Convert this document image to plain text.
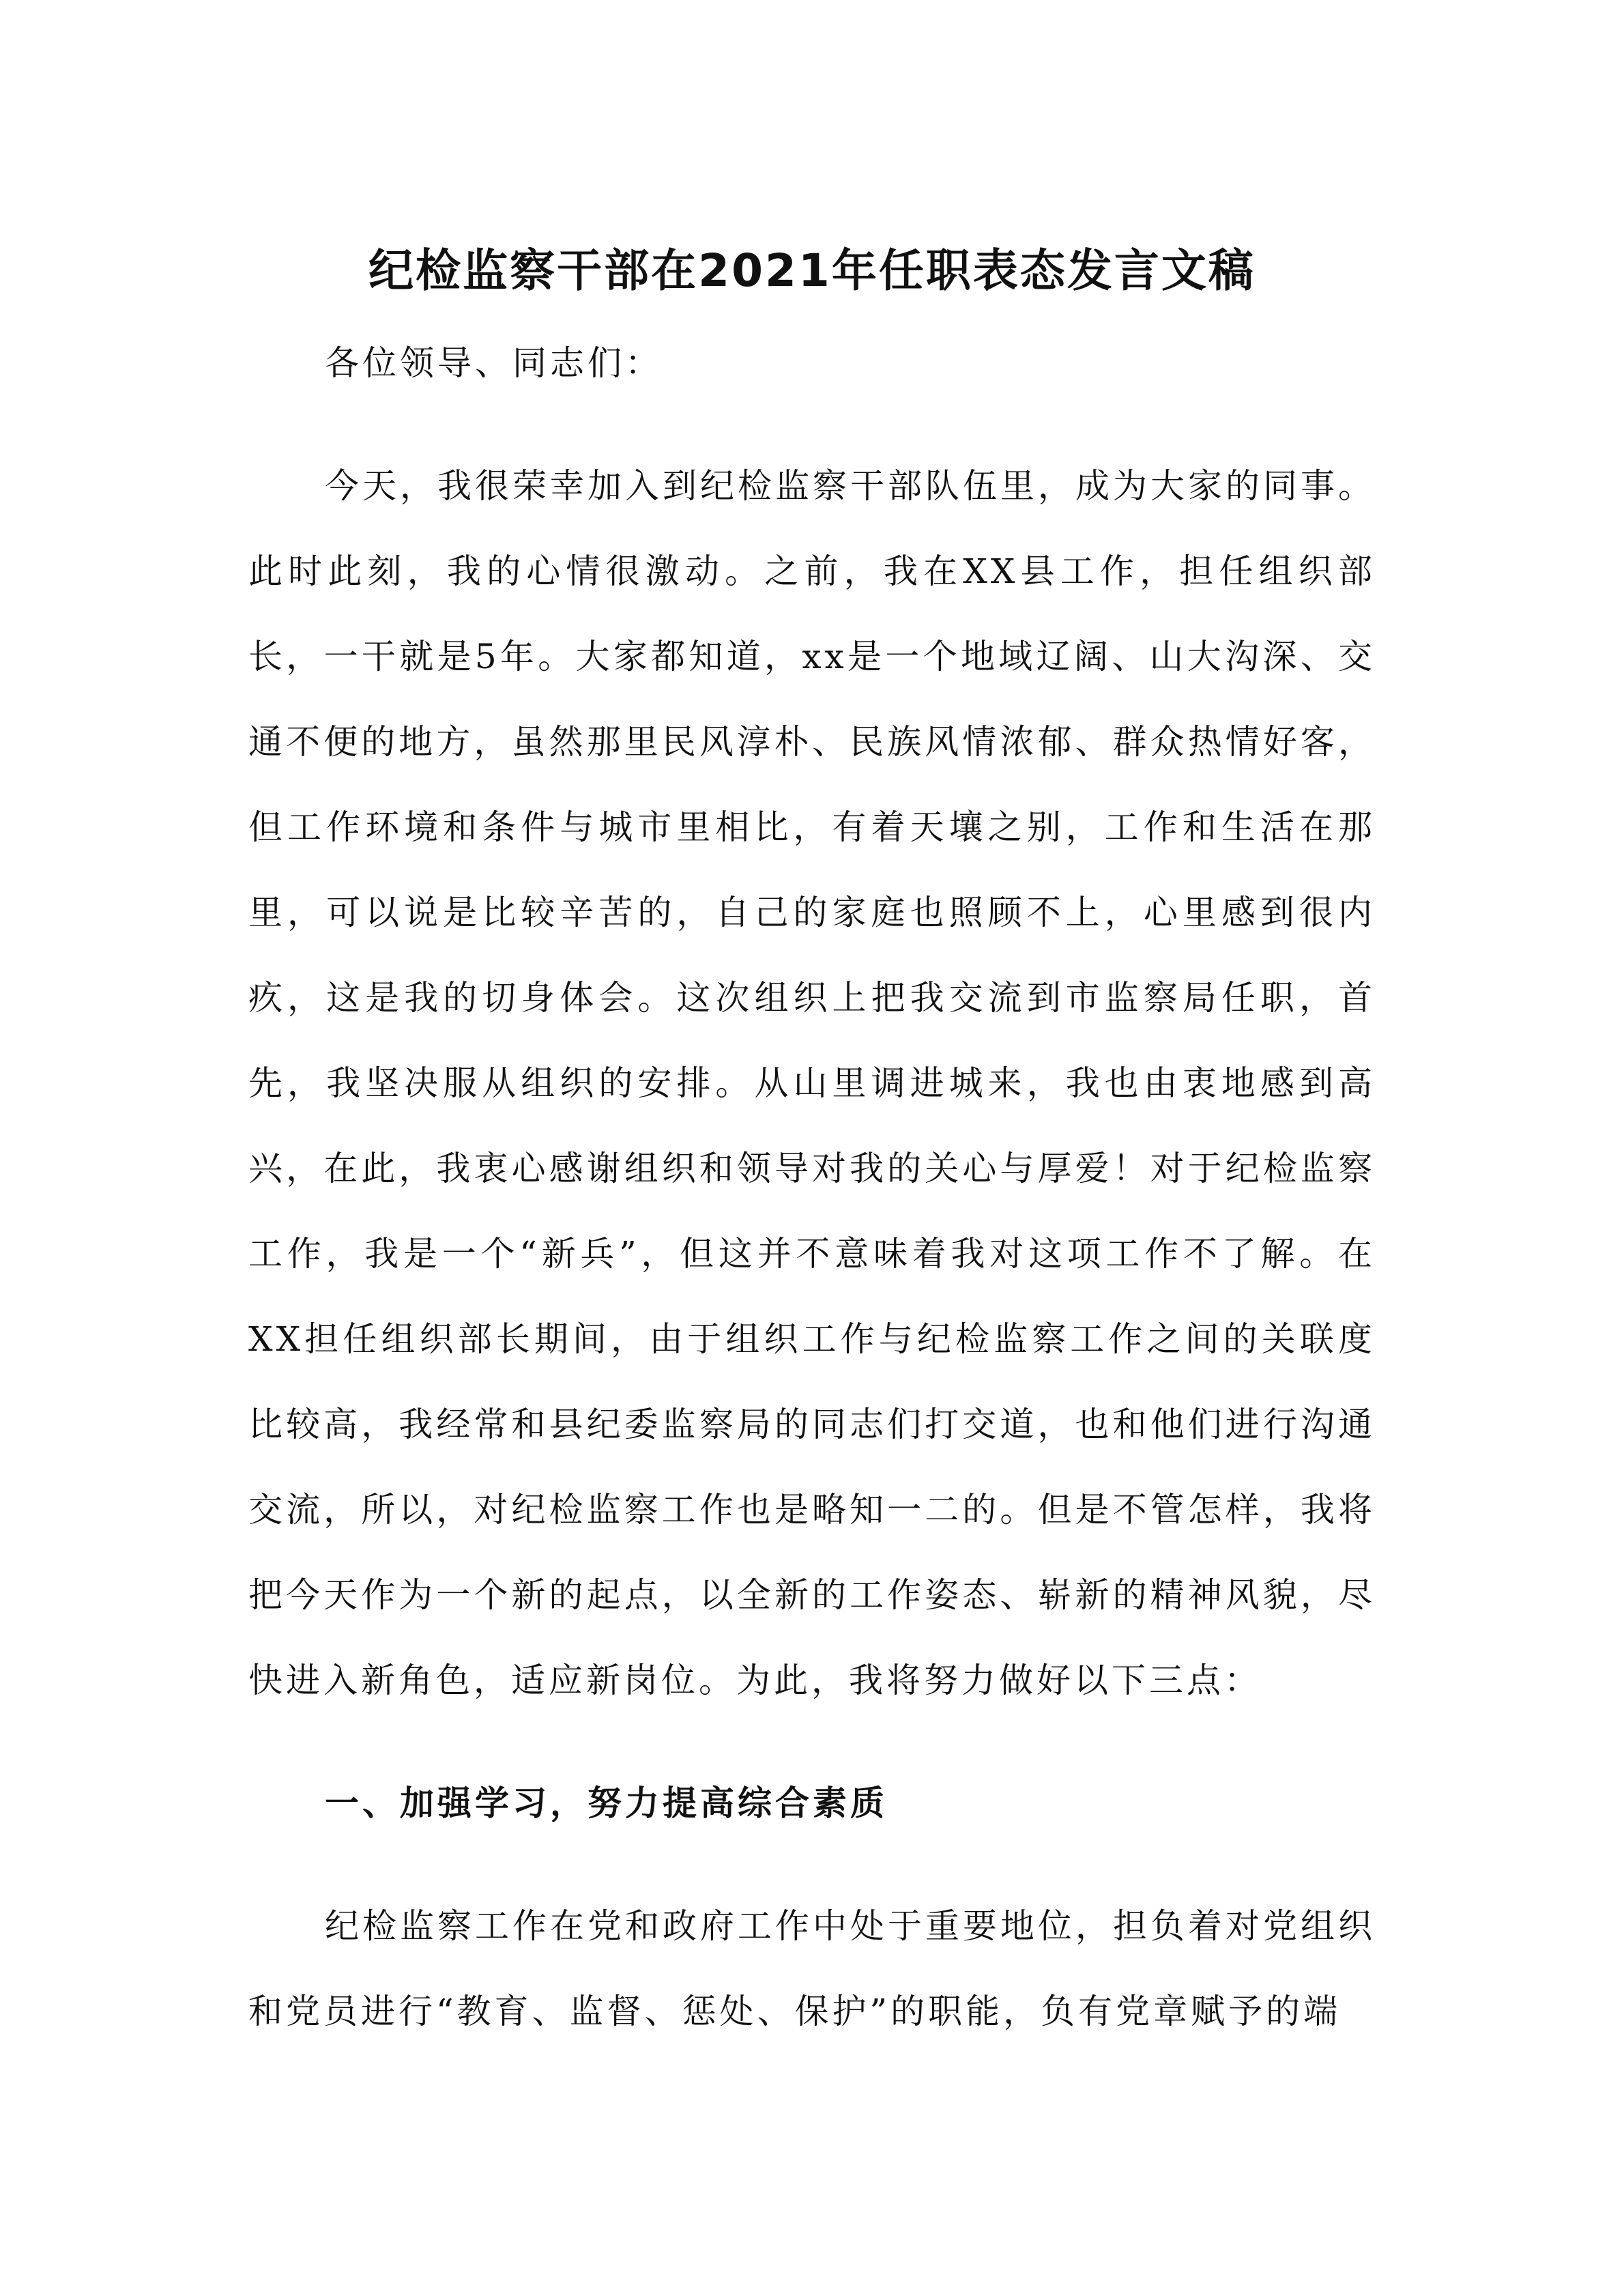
纪检监察干部在2021年任职表态发言文稿

各位领导、同志们：

今天，我很荣幸加入到纪检监察干部队伍里，成为大家的同事。此时此刻，我的心情很激动。之前，我在XX县工作，担任组织部长，一干就是5年。大家都知道，xx是一个地域辽阔、山大沟深、交通不便的地方，虽然那里民风淳朴、民族风情浓郁、群众热情好客，但工作环境和条件与城市里相比，有着天壤之别，工作和生活在那里，可以说是比较辛苦的，自己的家庭也照顾不上，心里感到很内疚，这是我的切身体会。这次组织上把我交流到市监察局任职，首先，我坚决服从组织的安排。从山里调进城来，我也由衷地感到高兴，在此，我衷心感谢组织和领导对我的关心与厚爱！对于纪检监察工作，我是一个“新兵”，但这并不意味着我对这项工作不了解。在XX担任组织部长期间，由于组织工作与纪检监察工作之间的关联度比较高，我经常和县纪委监察局的同志们打交道，也和他们进行沟通交流，所以，对纪检监察工作也是略知一二的。但是不管怎样，我将把今天作为一个新的起点，以全新的工作姿态、崭新的精神风貌，尽快进入新角色，适应新岗位。为此，我将努力做好以下三点：

一、加强学习，努力提高综合素质

纪检监察工作在党和政府工作中处于重要地位，担负着对党组织和党员进行“教育、监督、惩处、保护”的职能，负有党章赋予的端
